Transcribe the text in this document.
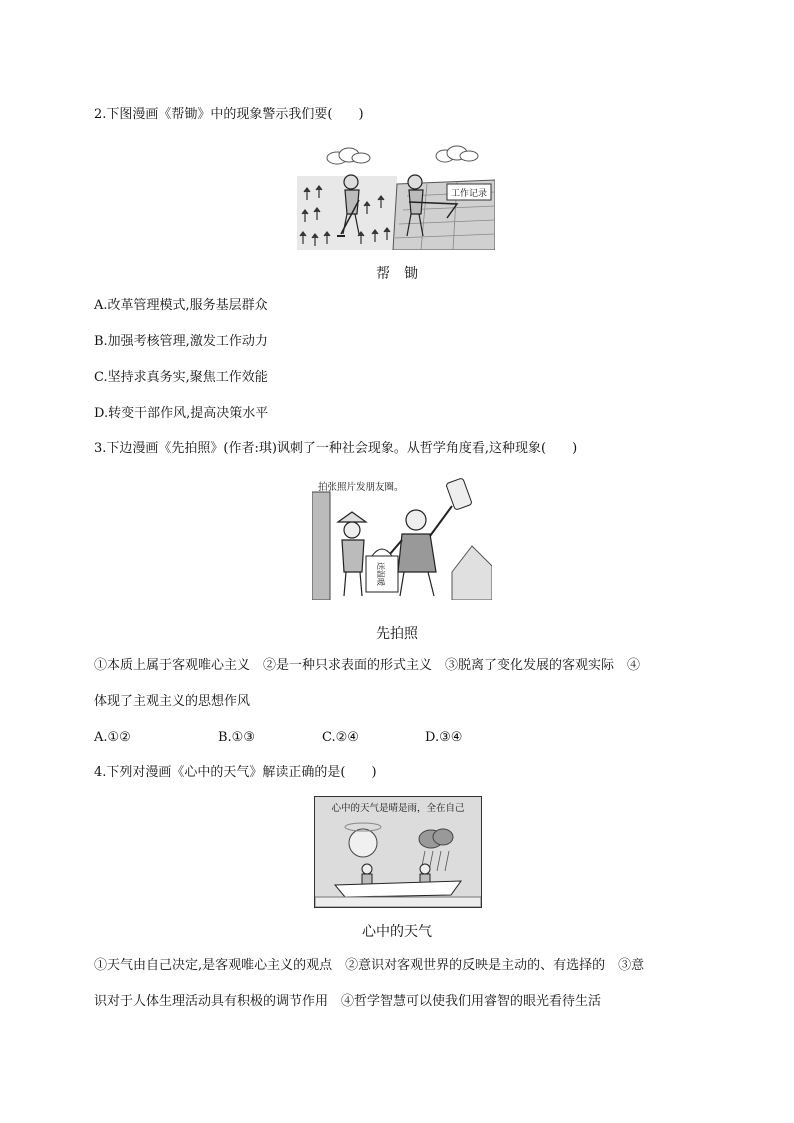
2.下图漫画《帮锄》中的现象警示我们要(　　)
工作记录
帮　锄
A.改革管理模式,服务基层群众
B.加强考核管理,激发工作动力
C.坚持求真务实,聚焦工作效能
D.转变干部作风,提高决策水平
3.下边漫画《先拍照》(作者:琪)讽刺了一种社会现象。从哲学角度看,这种现象(　　)
拍张照片发朋友圈。
送温暖
先拍照
①本质上属于客观唯心主义　②是一种只求表面的形式主义　③脱离了变化发展的客观实际　④
体现了主观主义的思想作风
A.①②	B.①③	C.②④	D.③④
4.下列对漫画《心中的天气》解读正确的是(　　)
心中的天气是晴是雨，全在自己
心中的天气
①天气由自己决定,是客观唯心主义的观点　②意识对客观世界的反映是主动的、有选择的　③意
识对于人体生理活动具有积极的调节作用　④哲学智慧可以使我们用睿智的眼光看待生活
